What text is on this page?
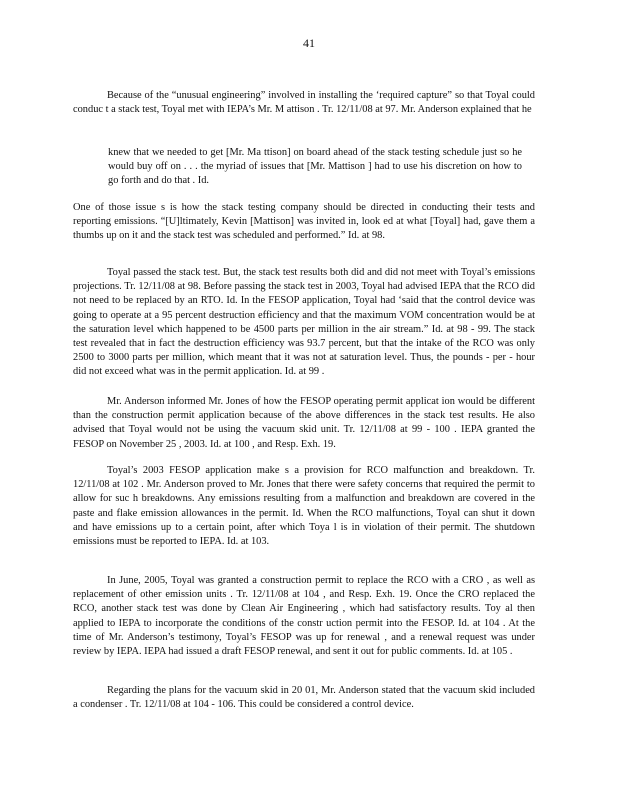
41

Because of the “unusual engineering” involved in installing the ‘required capture” so that Toyal could conduc t a stack test, Toyal met with IEPA’s Mr. M attison . Tr. 12/11/08 at 97. Mr. Anderson explained that he

knew that we needed to get [Mr. Ma ttison] on board ahead of the stack testing schedule just so he would buy off on . . . the myriad of issues that [Mr. Mattison ] had to use his discretion on how to go forth and do that . Id.

One of those issue s is how the stack testing company should be directed in conducting their tests and reporting emissions. “[U]ltimately, Kevin [Mattison] was invited in, look ed at what [Toyal] had, gave them a thumbs up on it and the stack test was scheduled and performed.” Id. at 98.

Toyal passed the stack test. But, the stack test results both did and did not meet with Toyal’s emissions projections. Tr. 12/11/08 at 98. Before passing the stack test in 2003, Toyal had advised IEPA that the RCO did not need to be replaced by an RTO. Id. In the FESOP application, Toyal had ‘said that the control device was going to operate at a 95 percent destruction efficiency and that the maximum VOM concentration would be at the saturation level which happened to be 4500 parts per million in the air stream.” Id. at 98 - 99. The stack test revealed that in fact the destruction efficiency was 93.7 percent, but that the intake of the RCO was only 2500 to 3000 parts per million, which meant that it was not at saturation level. Thus, the pounds - per - hour did not exceed what was in the permit application. Id. at 99 .

Mr. Anderson informed Mr. Jones of how the FESOP operating permit applicat ion would be different than the construction permit application because of the above differences in the stack test results. He also advised that Toyal would not be using the vacuum skid unit. Tr. 12/11/08 at 99 - 100 . IEPA granted the FESOP on November 25 , 2003. Id. at 100 , and Resp. Exh. 19.

Toyal’s 2003 FESOP application make s a provision for RCO malfunction and breakdown. Tr. 12/11/08 at 102 . Mr. Anderson proved to Mr. Jones that there were safety concerns that required the permit to allow for suc h breakdowns. Any emissions resulting from a malfunction and breakdown are covered in the paste and flake emission allowances in the permit. Id. When the RCO malfunctions, Toyal can shut it down and have emissions up to a certain point, after which Toya l is in violation of their permit. The shutdown emissions must be reported to IEPA. Id. at 103.

In June, 2005, Toyal was granted a construction permit to replace the RCO with a CRO , as well as replacement of other emission units . Tr. 12/11/08 at 104 , and Resp. Exh. 19. Once the CRO replaced the RCO, another stack test was done by Clean Air Engineering , which had satisfactory results. Toy al then applied to IEPA to incorporate the conditions of the constr uction permit into the FESOP. Id. at 104 . At the time of Mr. Anderson’s testimony, Toyal’s FESOP was up for renewal , and a renewal request was under review by IEPA. IEPA had issued a draft FESOP renewal, and sent it out for public comments. Id. at 105 .

Regarding the plans for the vacuum skid in 20 01, Mr. Anderson stated that the vacuum skid included a condenser . Tr. 12/11/08 at 104 - 106. This could be considered a control device.
